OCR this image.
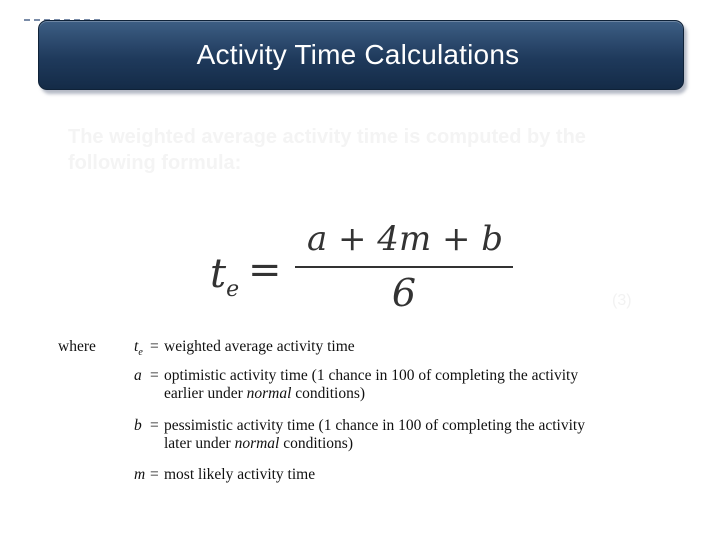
Activity Time Calculations
The weighted average activity time is computed by the following formula:
$t_e$ =
a + 4m + b
6	(3)
where $t_e$ = weighted average activity time
a = optimistic activity time (1 chance in 100 of completing the activity
earlier under normal conditions)
b = pessimistic activity time (1 chance in 100 of completing the activity
later under normal conditions)
m = most likely activity time
